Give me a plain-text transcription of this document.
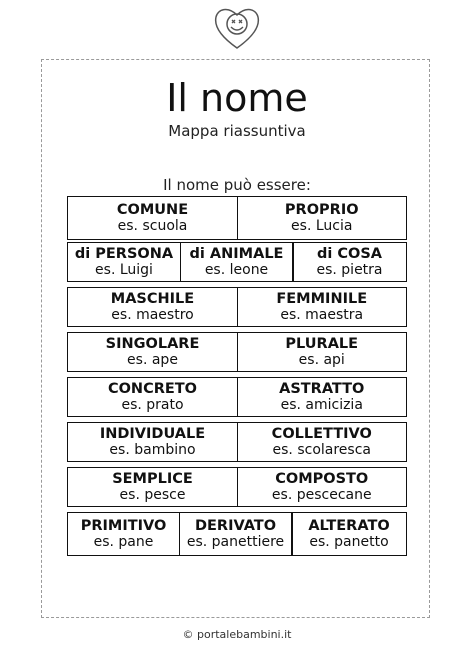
Il nome
Mappa riassuntiva
Il nome può essere:
COMUNE
es. scuola
PROPRIO
es. Lucia
di PERSONA
es. Luigi
di ANIMALE
es. leone
di COSA
es. pietra
MASCHILE
es. maestro
FEMMINILE
es. maestra
SINGOLARE
es. ape
PLURALE
es. api
CONCRETO
es. prato
ASTRATTO
es. amicizia
INDIVIDUALE
es. bambino
COLLETTIVO
es. scolaresca
SEMPLICE
es. pesce
COMPOSTO
es. pescecane
PRIMITIVO
es. pane
DERIVATO
es. panettiere
ALTERATO
es. panetto
© portalebambini.it
